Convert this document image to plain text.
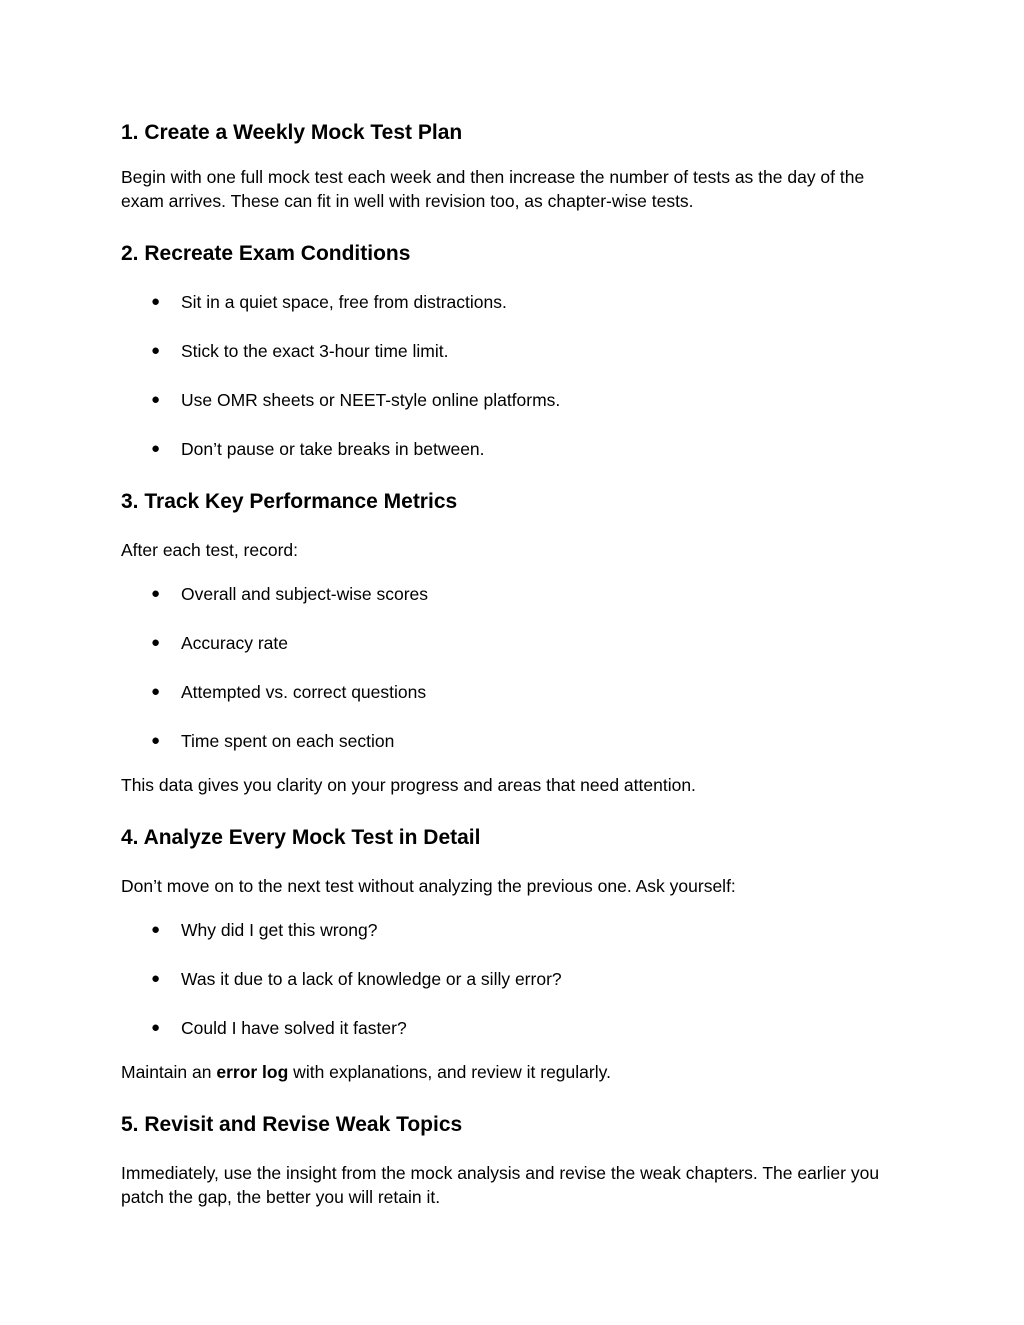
1. Create a Weekly Mock Test Plan

Begin with one full mock test each week and then increase the number of tests as the day of the exam arrives. These can fit in well with revision too, as chapter-wise tests.

2. Recreate Exam Conditions
● Sit in a quiet space, free from distractions.
● Stick to the exact 3-hour time limit.
● Use OMR sheets or NEET-style online platforms.
● Don’t pause or take breaks in between.
3. Track Key Performance Metrics

After each test, record:

● Overall and subject-wise scores
● Accuracy rate
● Attempted vs. correct questions
● Time spent on each section

This data gives you clarity on your progress and areas that need attention.

4. Analyze Every Mock Test in Detail

Don’t move on to the next test without analyzing the previous one. Ask yourself:

● Why did I get this wrong?
● Was it due to a lack of knowledge or a silly error?
● Could I have solved it faster?

Maintain an error log with explanations, and review it regularly.

5. Revisit and Revise Weak Topics

Immediately, use the insight from the mock analysis and revise the weak chapters. The earlier you patch the gap, the better you will retain it.
